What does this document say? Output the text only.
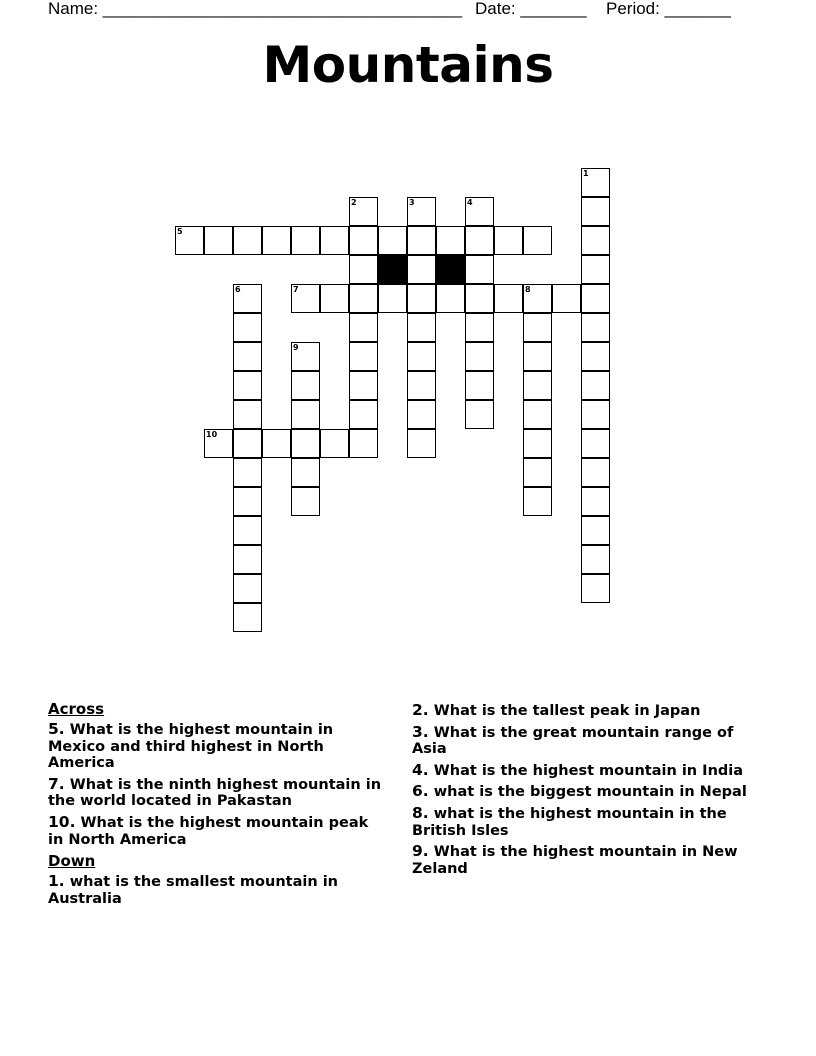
Name: ______________________________________ Date: _______ Period: _______
Mountains
5
7	8
10
1
2	3	4
6
9
Across
5. What is the highest mountain in Mexico and third highest in North America
7. What is the ninth highest mountain in the world located in Pakastan
10. What is the highest mountain peak in North America
Down
1. what is the smallest mountain in Australia
2. What is the tallest peak in Japan
3. What is the great mountain range of Asia
4. What is the highest mountain in India
6. what is the biggest mountain in Nepal
8. what is the highest mountain in the British Isles
9. What is the highest mountain in New Zeland
